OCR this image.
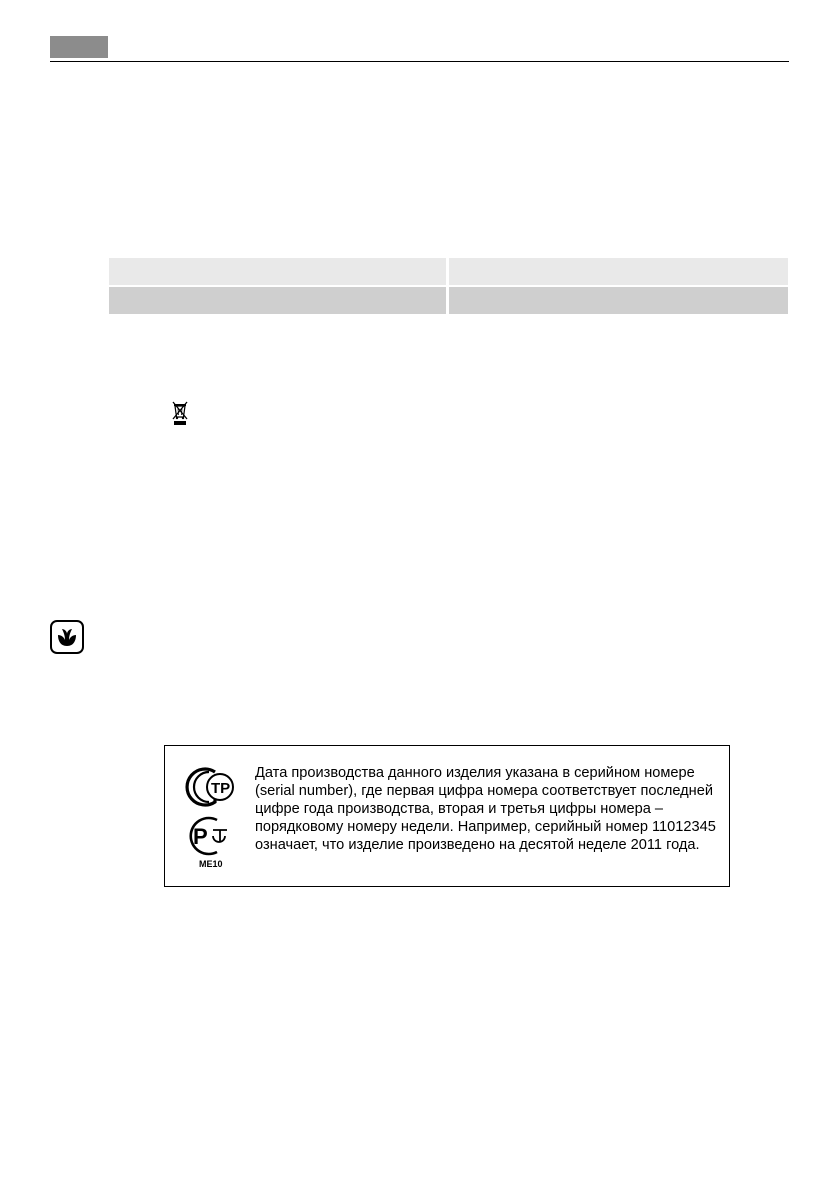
ТР
Р
ME10

Дата производства данного изделия указана в серийном номере (serial number), где первая цифра номера соответствует последней цифре года производства, вторая и третья цифры номера – порядковому номеру недели. Например, серийный номер 11012345 означает, что изделие произведено на десятой неделе 2011 года.
